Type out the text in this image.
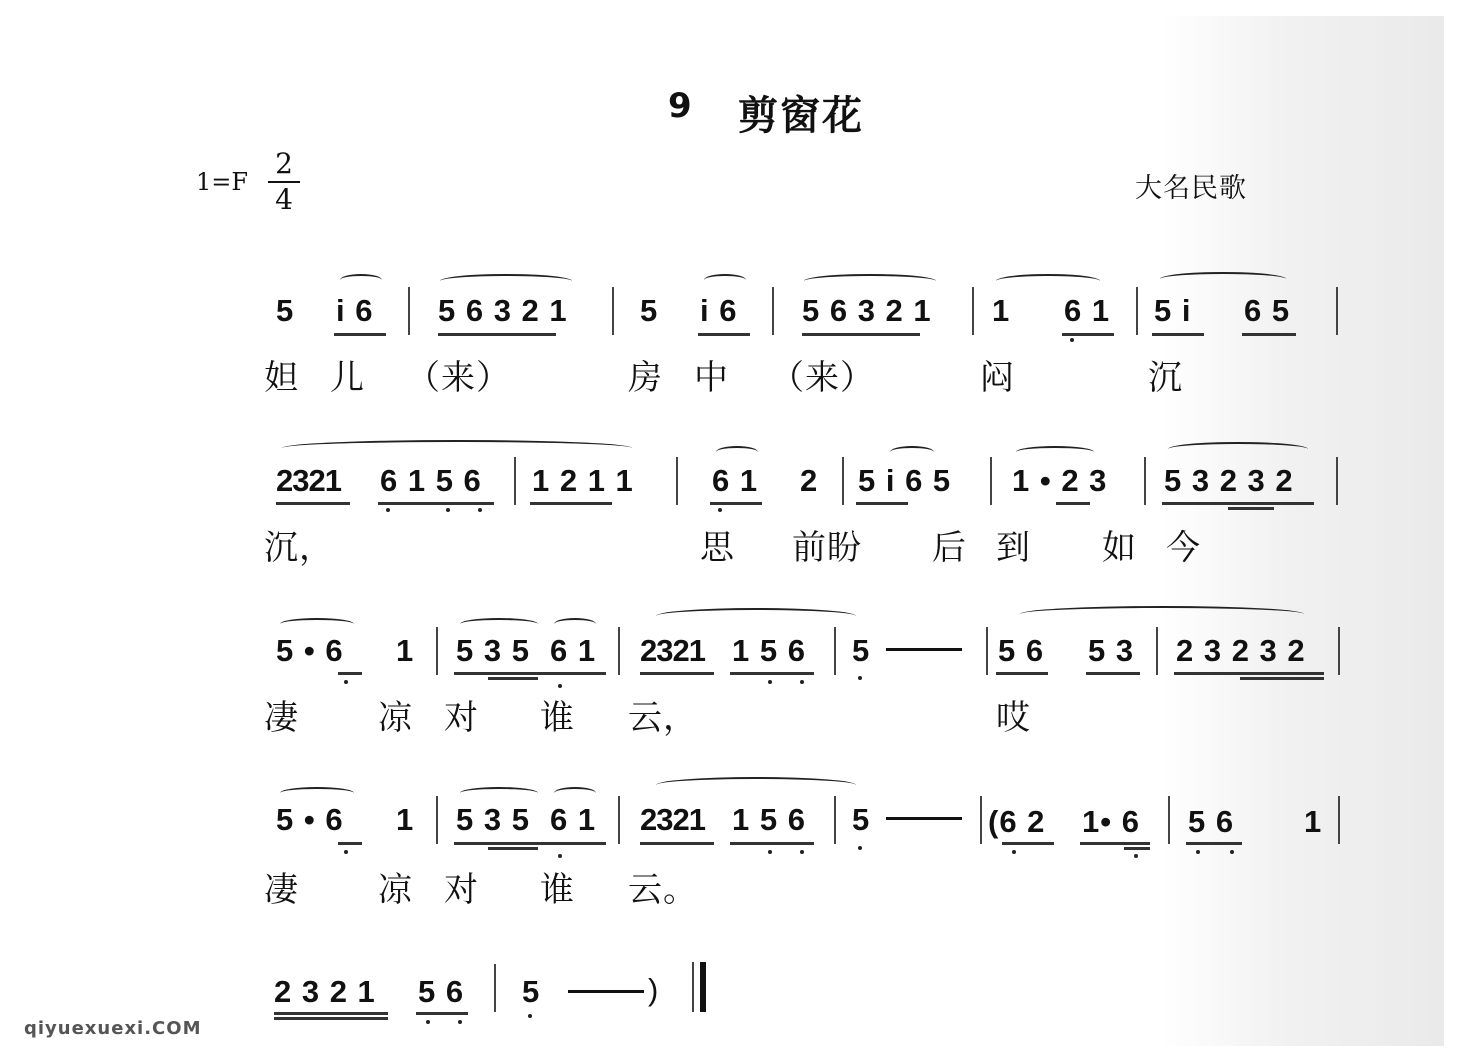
9 剪窗花
1=F
2
4	大名民歌
5 i 6 5 6 3 2 1 5 i 6 5 6 3 2 1 1 6 1 5 i 6 5
妲 儿 （来）	房 中 （来）	闷	沉
2321 6 1 5 6 1 2 1 1	6 1 2 5 i 6 5 1 • 2 3 5 3 2 3 2
沉，	思 前盼 后 到 如 今
5 • 6 1 5 3 5 6 1 2321 1 5 6 5	5 6 5 3 2 3 2 3 2
凄 凉 对 谁 云，	哎
5 • 6 1 5 3 5 6 1 2321 1 5 6 5	(6 2 1• 6 5 6 1
凄 凉 对 谁 云。
2 3 2 1 5 6 5	)
qiyuexuexi.COM
